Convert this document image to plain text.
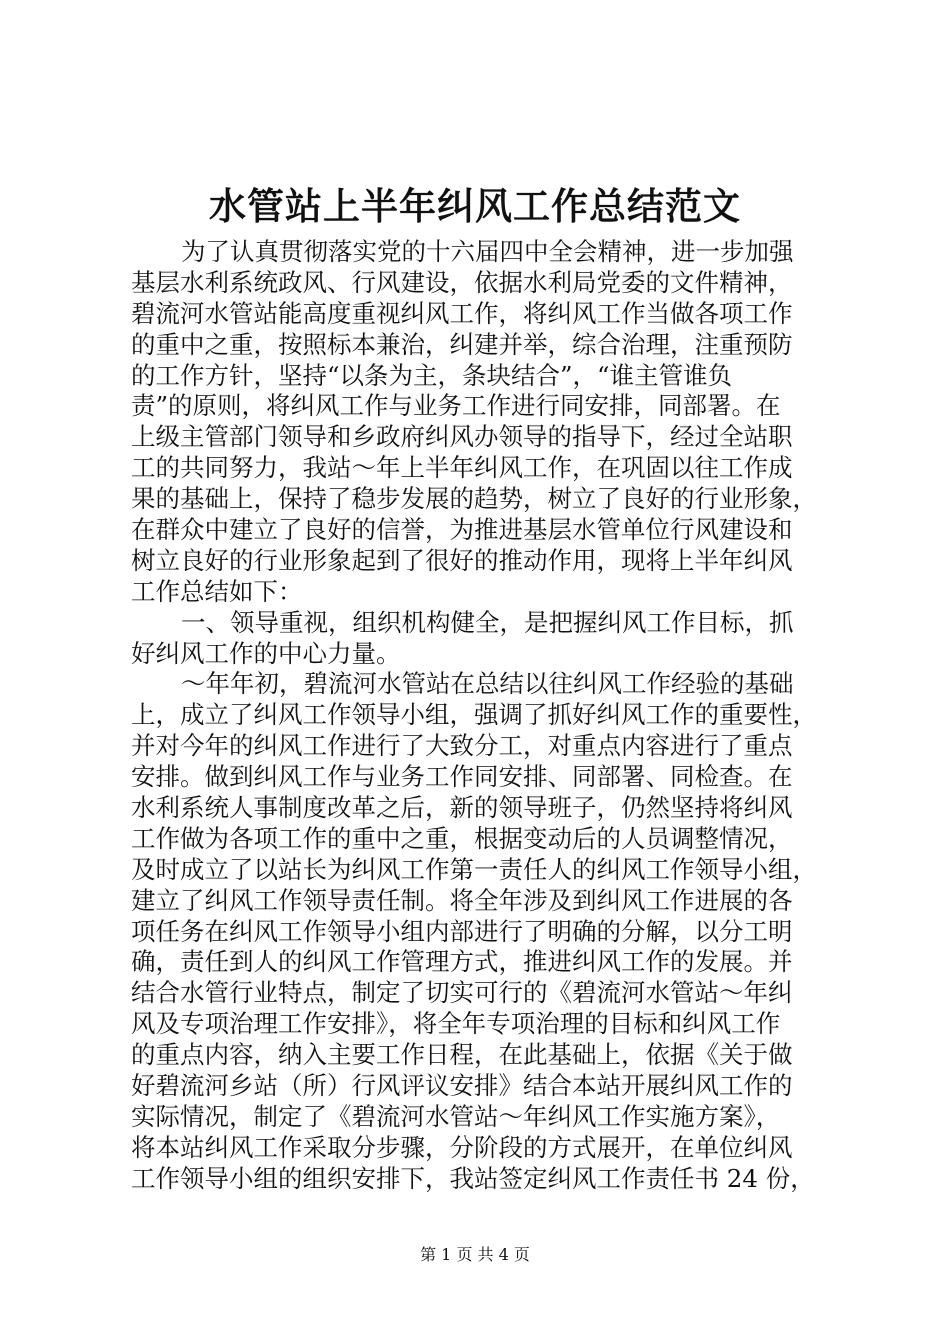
水管站上半年纠风工作总结范文
为了认真贯彻落实党的十六届四中全会精神，进一步加强
基层水利系统政风、行风建设，依据水利局党委的文件精神，
碧流河水管站能高度重视纠风工作，将纠风工作当做各项工作
的重中之重，按照标本兼治，纠建并举，综合治理，注重预防
的工作方针，坚持“以条为主，条块结合”，“谁主管谁负
责”的原则，将纠风工作与业务工作进行同安排，同部署。在
上级主管部门领导和乡政府纠风办领导的指导下，经过全站职
工的共同努力，我站～年上半年纠风工作，在巩固以往工作成
果的基础上，保持了稳步发展的趋势，树立了良好的行业形象，
在群众中建立了良好的信誉，为推进基层水管单位行风建设和
树立良好的行业形象起到了很好的推动作用，现将上半年纠风
工作总结如下：
一、领导重视，组织机构健全，是把握纠风工作目标，抓
好纠风工作的中心力量。
～年年初，碧流河水管站在总结以往纠风工作经验的基础
上，成立了纠风工作领导小组，强调了抓好纠风工作的重要性，
并对今年的纠风工作进行了大致分工，对重点内容进行了重点
安排。做到纠风工作与业务工作同安排、同部署、同检查。在
水利系统人事制度改革之后，新的领导班子，仍然坚持将纠风
工作做为各项工作的重中之重，根据变动后的人员调整情况，
及时成立了以站长为纠风工作第一责任人的纠风工作领导小组，
建立了纠风工作领导责任制。将全年涉及到纠风工作进展的各
项任务在纠风工作领导小组内部进行了明确的分解，以分工明
确，责任到人的纠风工作管理方式，推进纠风工作的发展。并
结合水管行业特点，制定了切实可行的《碧流河水管站～年纠
风及专项治理工作安排》，将全年专项治理的目标和纠风工作
的重点内容，纳入主要工作日程，在此基础上，依据《关于做
好碧流河乡站（所）行风评议安排》结合本站开展纠风工作的
实际情况，制定了《碧流河水管站～年纠风工作实施方案》，
将本站纠风工作采取分步骤，分阶段的方式展开，在单位纠风
工作领导小组的组织安排下，我站签定纠风工作责任书 24 份，
第 1 页 共 4 页
